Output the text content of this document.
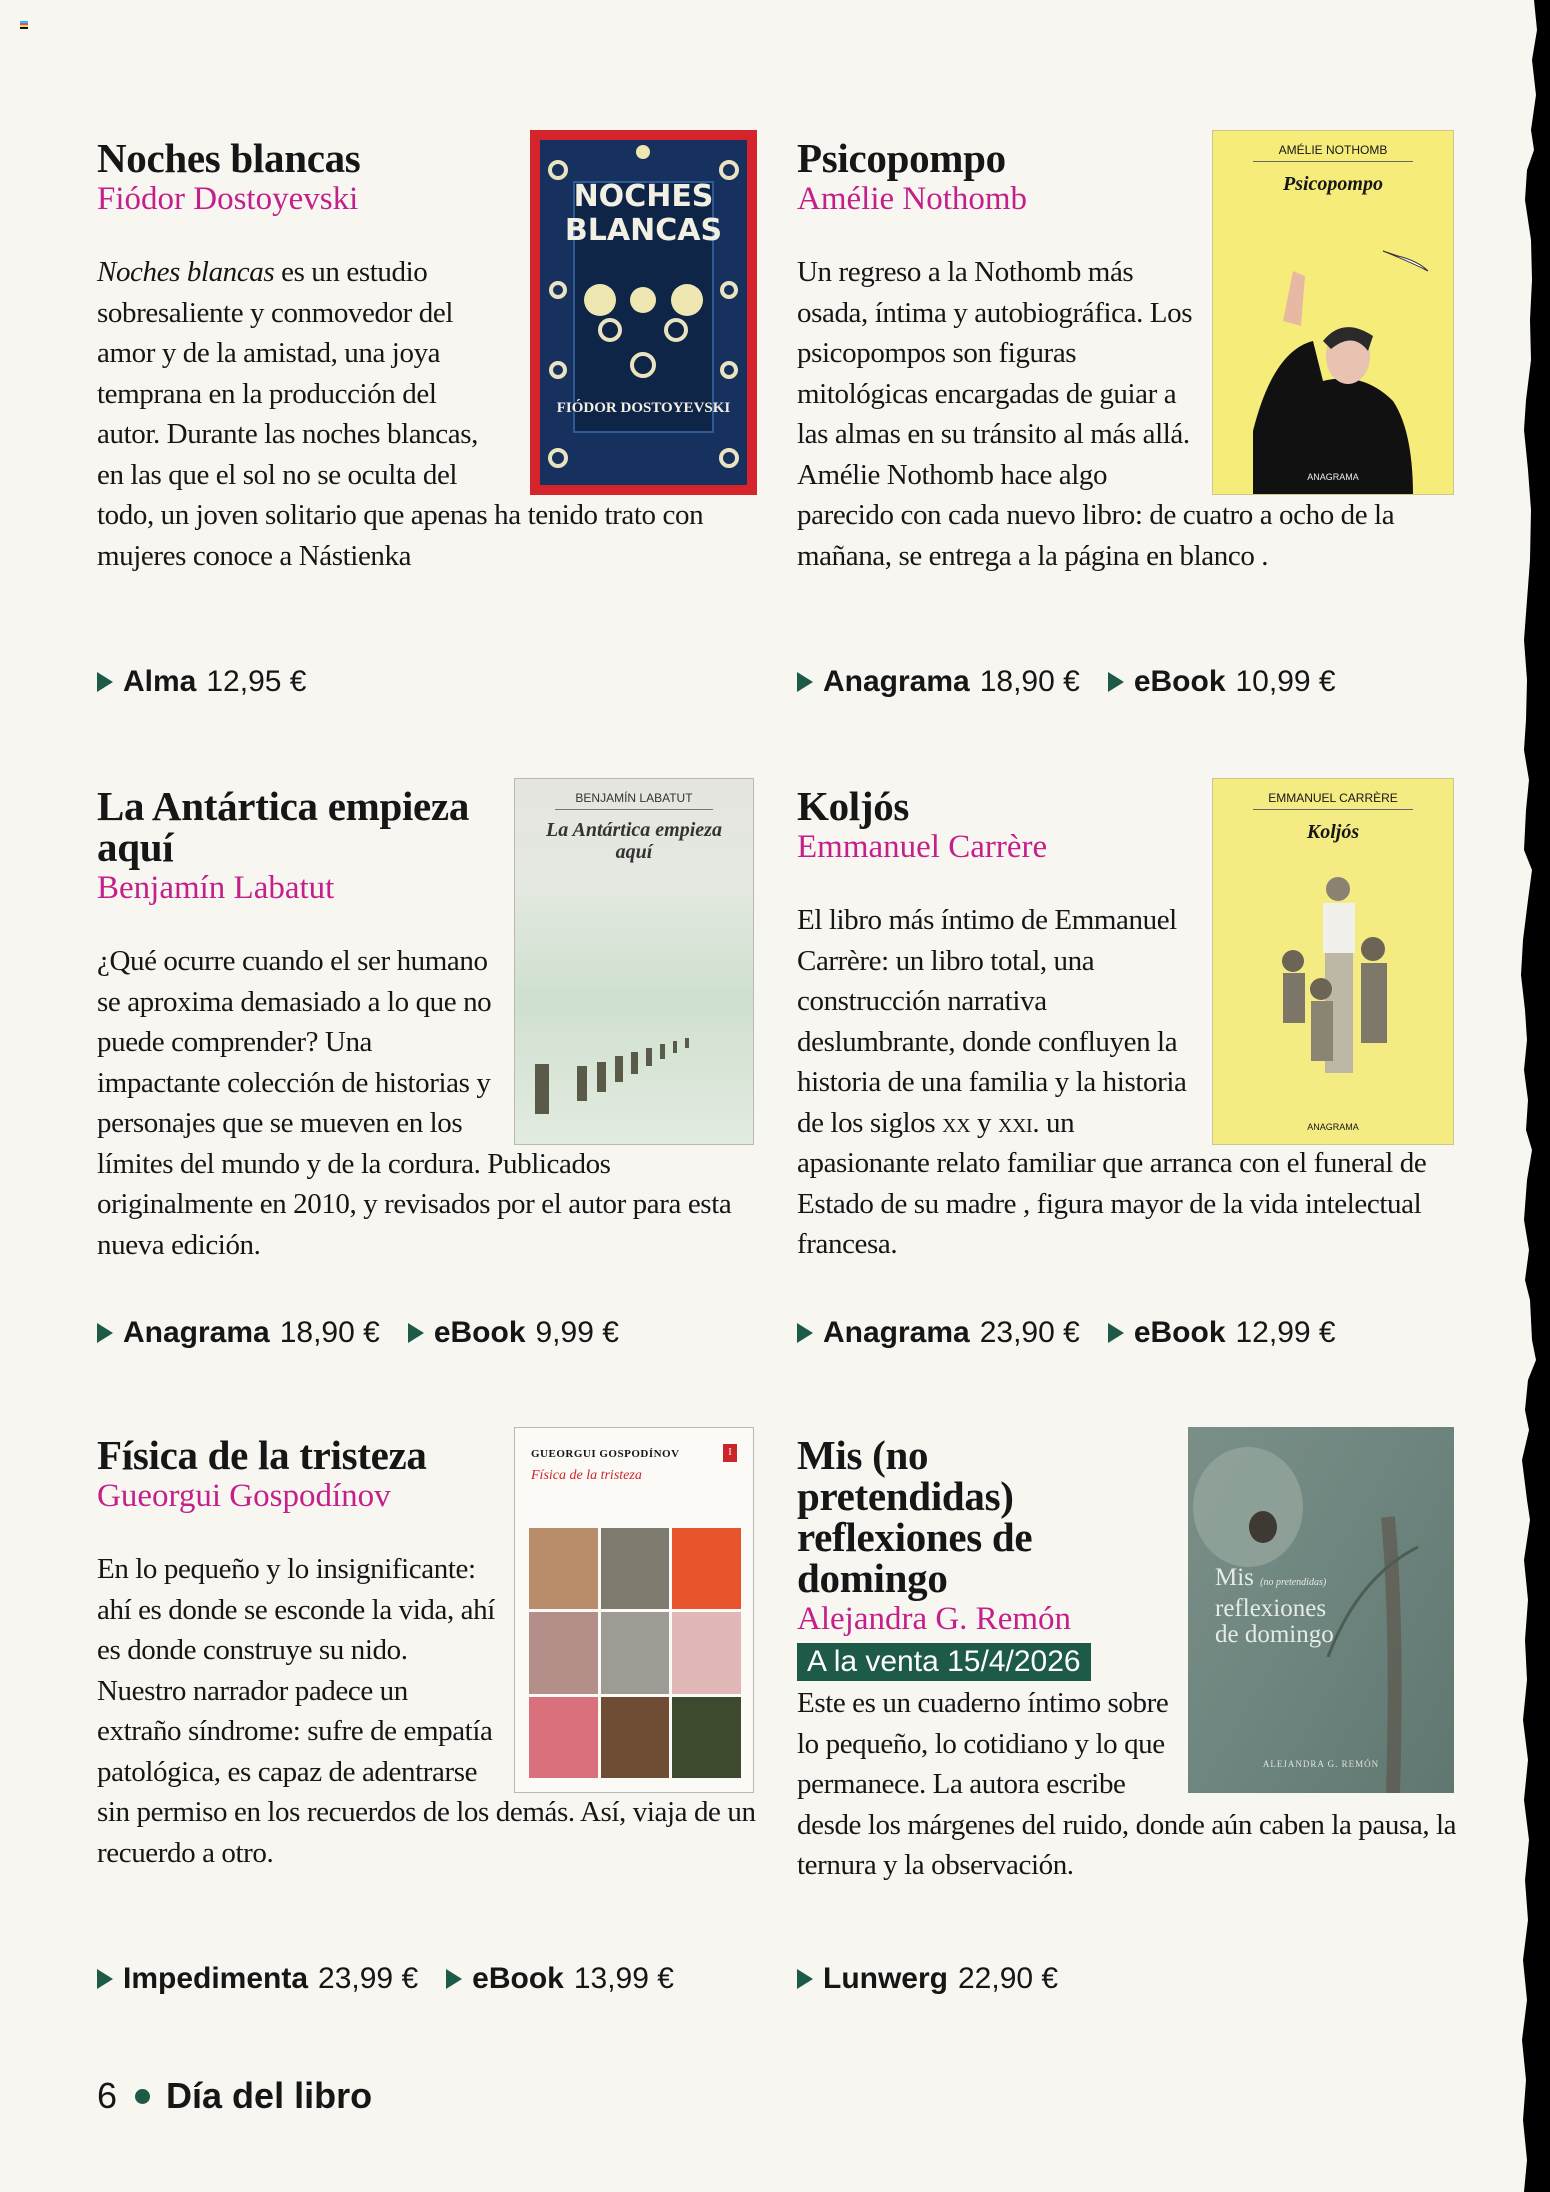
NOCHES BLANCAS
FIÓDOR DOSTOYEVSKI
Noches blancas

Fiódor Dostoyevski

Noches blancas es un estudio sobresaliente y conmovedor del amor y de la amistad, una joya temprana en la producción del autor. Durante las noches blancas, en las que el sol no se oculta del todo, un joven solitario que apenas ha tenido trato con mujeres conoce a Nástienka

Alma 12,95 €
AMÉLIE NOTHOMB
Psicopompo
ANAGRAMA
Psicopompo

Amélie Nothomb

Un regreso a la Nothomb más osada, íntima y autobiográfica. Los psicopompos son figuras mitológicas encargadas de guiar a las almas en su tránsito al más allá. Amélie Nothomb hace algo parecido con cada nuevo libro: de cuatro a ocho de la mañana, se entrega a la página en blanco .

Anagrama 18,90 € eBook 10,99 €
BENJAMÍN LABATUT
La Antártica empieza aquí
La Antártica empieza aquí

Benjamín Labatut

¿Qué ocurre cuando el ser humano se aproxima demasiado a lo que no puede comprender? Una impactante colección de historias y personajes que se mueven en los límites del mundo y de la cordura. Publicados originalmente en 2010, y revisados por el autor para esta nueva edición.

Anagrama 18,90 € eBook 9,99 €
EMMANUEL CARRÈRE
Koljós
ANAGRAMA
Koljós

Emmanuel Carrère

El libro más íntimo de Emmanuel Carrère: un libro total, una construcción narrativa deslumbrante, donde confluyen la historia de una familia y la historia de los siglos xx y xxi. un apasionante relato familiar que arranca con el funeral de Estado de su madre , figura mayor de la vida intelectual francesa.

Anagrama 23,90 € eBook 12,99 €
GUEORGUI GOSPODÍNOV	I
Física de la tristeza
Física de la tristeza

Gueorgui Gospodínov

En lo pequeño y lo insignificante: ahí es donde se esconde la vida, ahí es donde construye su nido. Nuestro narrador padece un extraño síndrome: sufre de empatía patológica, es capaz de adentrarse sin permiso en los recuerdos de los demás. Así, viaja de un recuerdo a otro.

Impedimenta 23,99 € eBook 13,99 €
Mis (no pretendidas)
reflexiones
de domingo
ALEJANDRA G. REMÓN
Mis (no pretendidas) reflexiones de domingo

Alejandra G. Remón

A la venta 15/4/2026

Este es un cuaderno íntimo sobre lo pequeño, lo cotidiano y lo que permanece. La autora escribe desde los márgenes del ruido, donde aún caben la pausa, la ternura y la observación.

Lunwerg 22,90 €
6 Día del libro
